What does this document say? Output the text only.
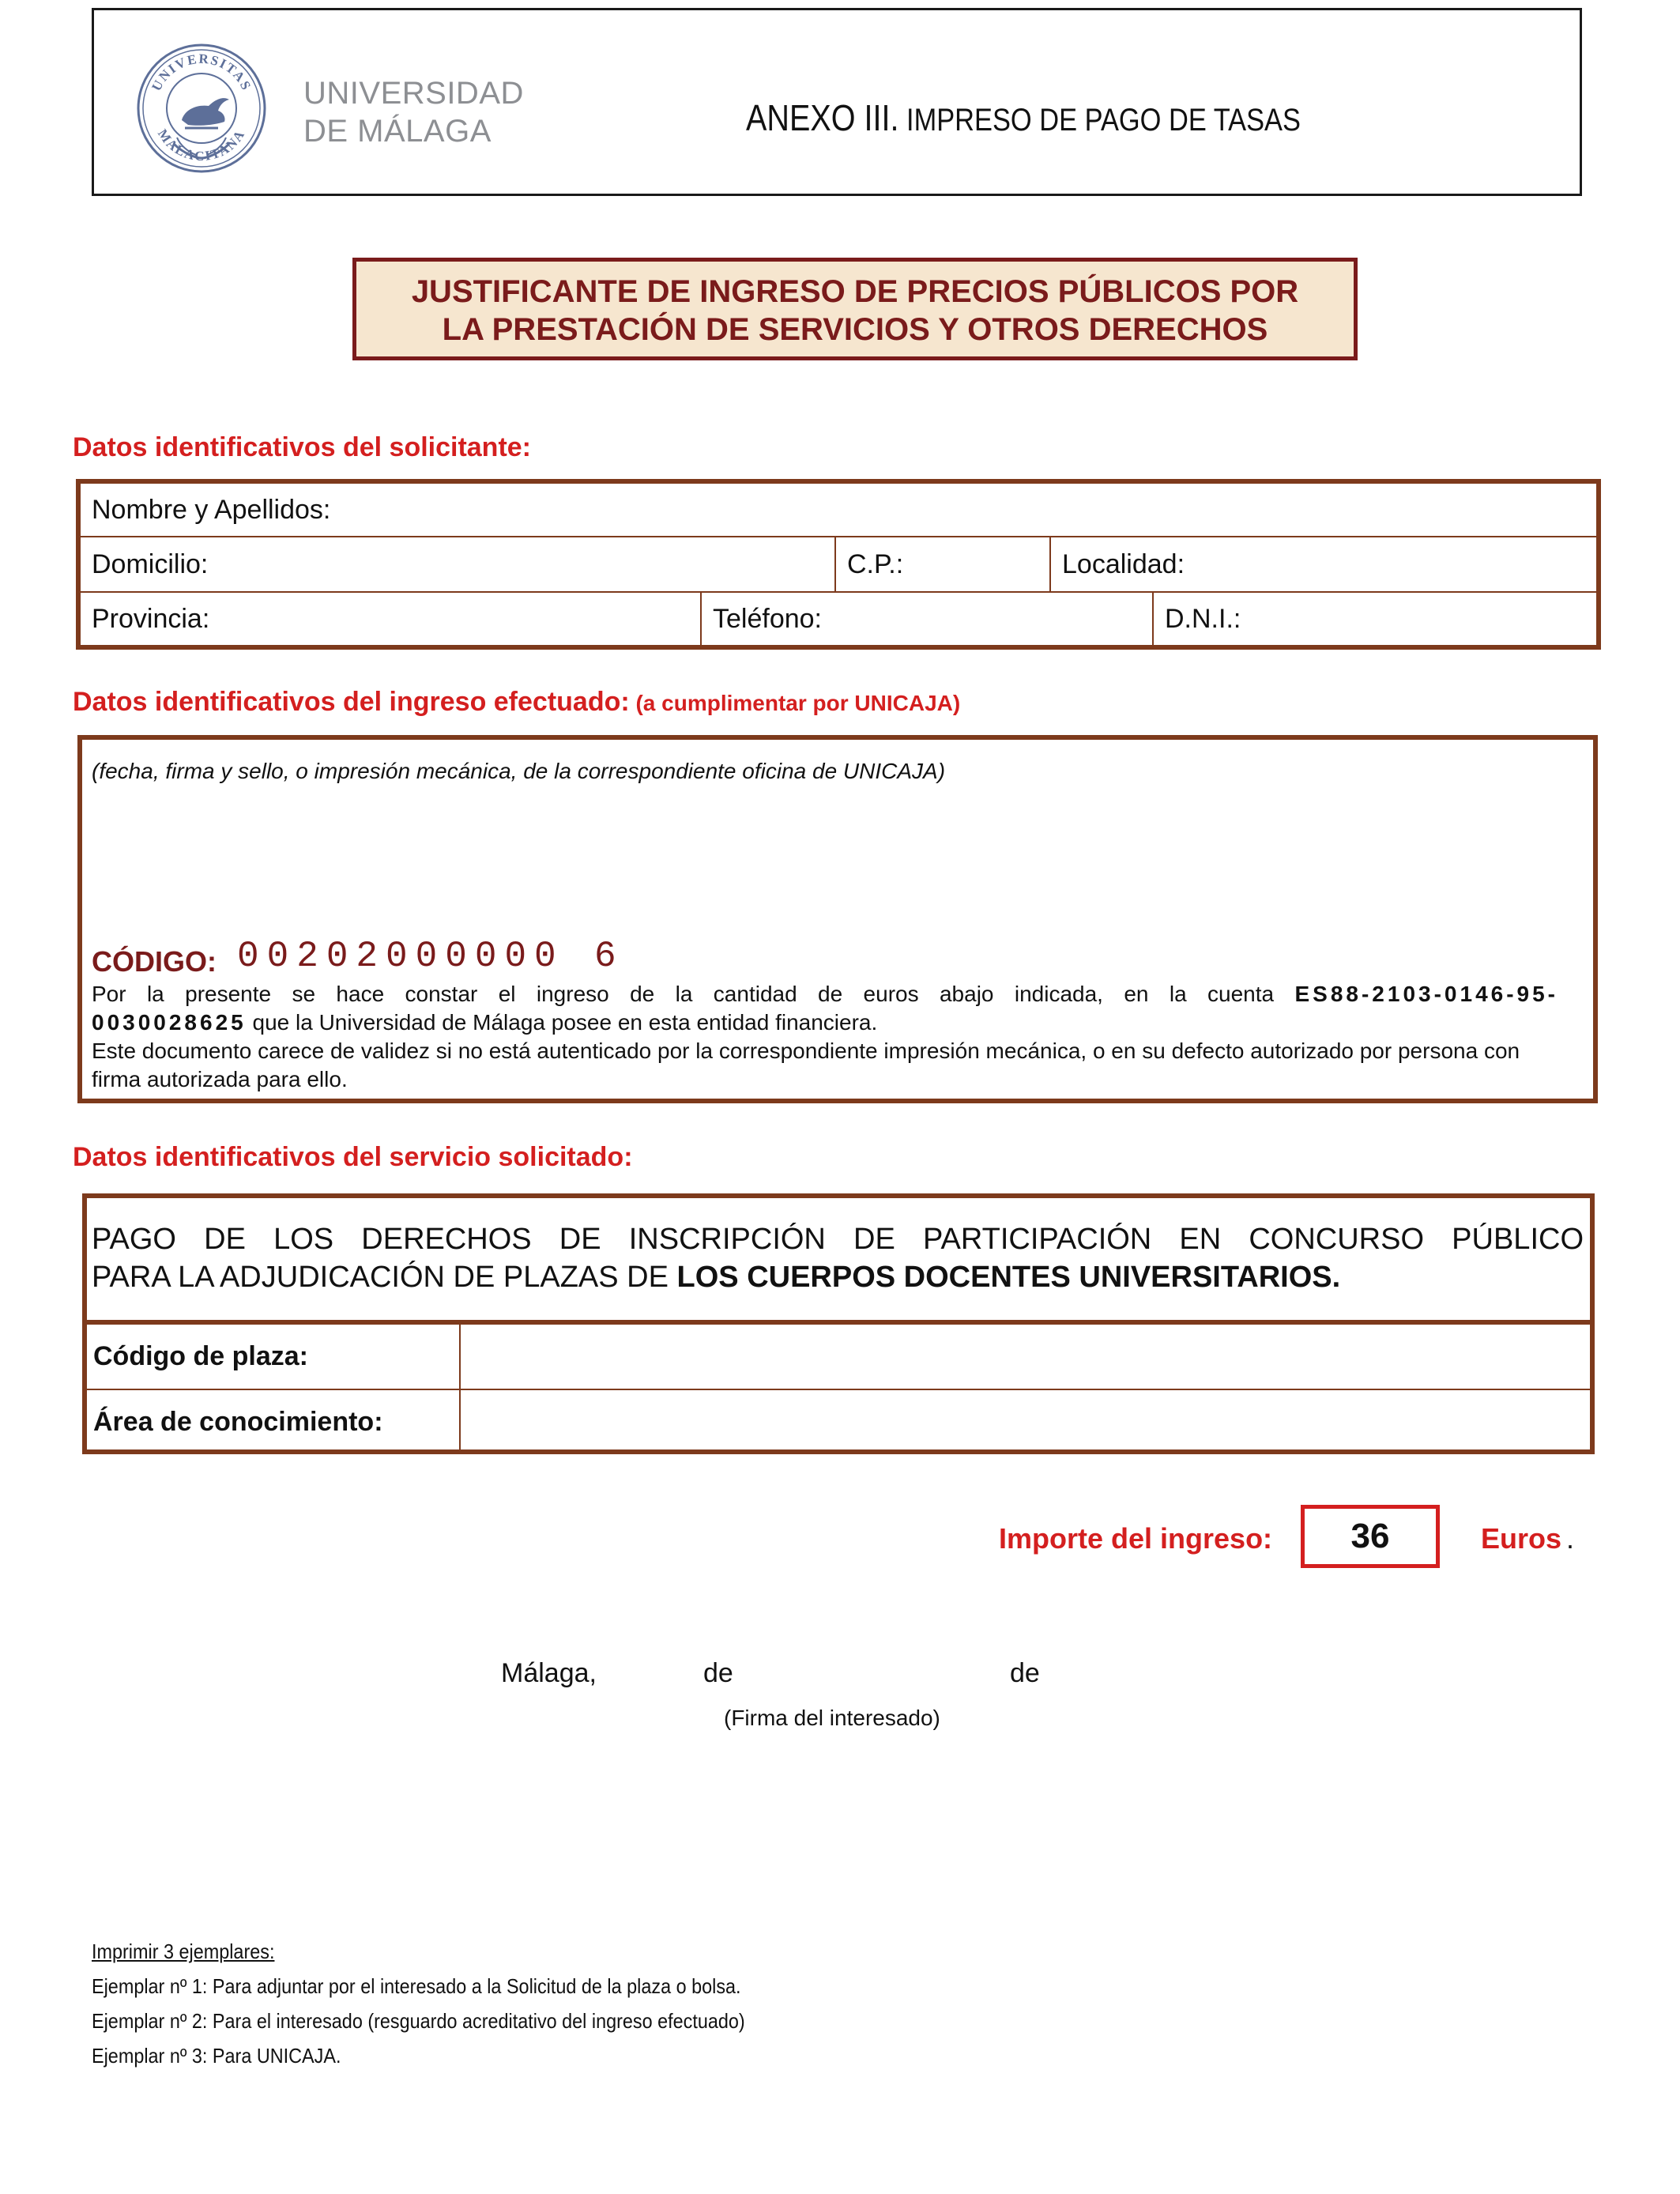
UNIVERSITAS
MALACITANA
UNIVERSIDAD
DE MÁLAGA	ANEXO III. IMPRESO DE PAGO DE TASAS
JUSTIFICANTE DE INGRESO DE PRECIOS PÚBLICOS POR
LA PRESTACIÓN DE SERVICIOS Y OTROS DERECHOS
Datos identificativos del solicitante:
Nombre y Apellidos:				
Domicilio:		C.P.:	Localidad:	
Provincia:	Teléfono:			D.N.I.:
Datos identificativos del ingreso efectuado: (a cumplimentar por UNICAJA)
(fecha, firma y sello, o impresión mecánica, de la correspondiente oficina de UNICAJA)
CÓDIGO: 00202000000 6
Por la presente se hace constar el ingreso de la cantidad de euros abajo indicada, en la cuenta ES88-2103-0146-95-
0030028625 que la Universidad de Málaga posee en esta entidad financiera.
Este documento carece de validez si no está autenticado por la correspondiente impresión mecánica, o en su defecto autorizado por persona con firma autorizada para ello.
Datos identificativos del servicio solicitado:
PAGO DE LOS DERECHOS DE INSCRIPCIÓN DE PARTICIPACIÓN EN CONCURSO PÚBLICO
PARA LA ADJUDICACIÓN DE PLAZAS DE LOS CUERPOS DOCENTES UNIVERSITARIOS.
Código de plaza:	
Área de conocimiento:	
Importe del ingreso:	36	Euros .
Málaga,	de	de
(Firma del interesado)
Imprimir 3 ejemplares:
Ejemplar nº 1: Para adjuntar por el interesado a la Solicitud de la plaza o bolsa.
Ejemplar nº 2: Para el interesado (resguardo acreditativo del ingreso efectuado)
Ejemplar nº 3: Para UNICAJA.
